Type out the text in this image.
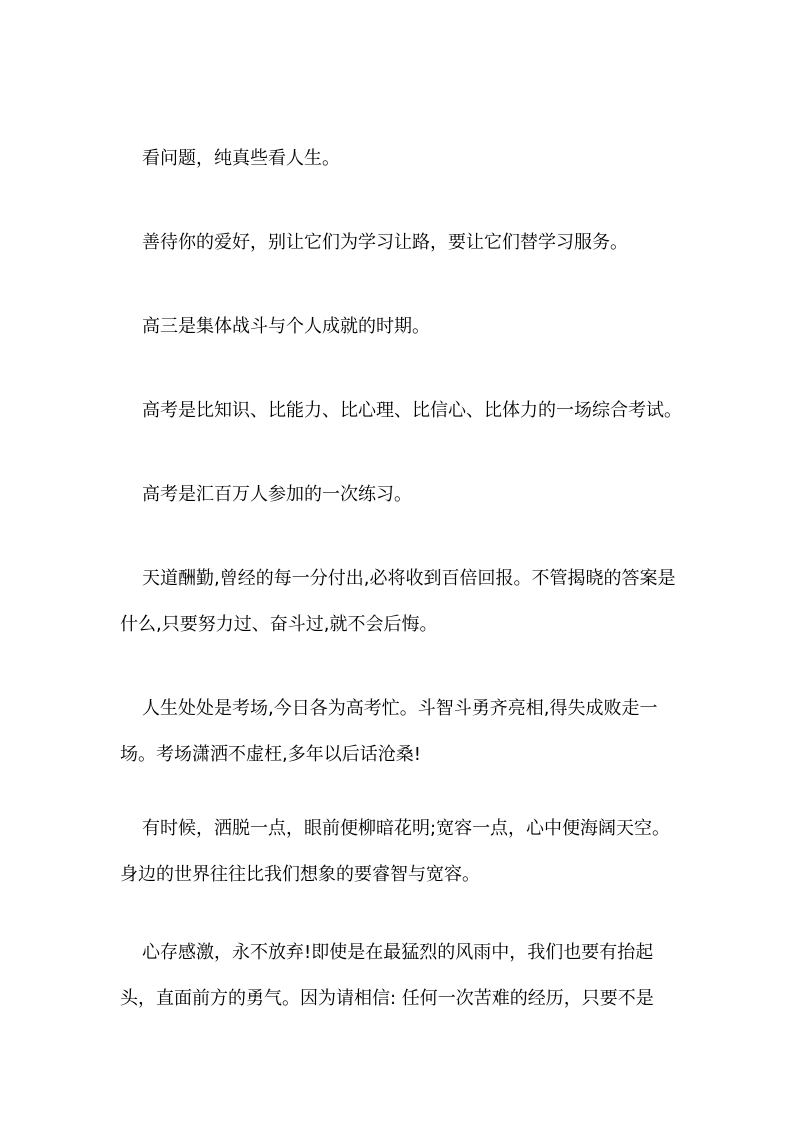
看问题，纯真些看人生。

善待你的爱好，别让它们为学习让路，要让它们替学习服务。

高三是集体战斗与个人成就的时期。

高考是比知识、比能力、比心理、比信心、比体力的一场综合考试。

高考是汇百万人参加的一次练习。

天道酬勤,曾经的每一分付出,必将收到百倍回报。不管揭晓的答案是什么,只要努力过、奋斗过,就不会后悔。

人生处处是考场,今日各为高考忙。斗智斗勇齐亮相,得失成败走一场。考场潇洒不虚枉,多年以后话沧桑!

有时候，洒脱一点，眼前便柳暗花明;宽容一点，心中便海阔天空。身边的世界往往比我们想象的要睿智与宽容。

心存感激，永不放弃!即使是在最猛烈的风雨中，我们也要有抬起头，直面前方的勇气。因为请相信: 任何一次苦难的经历，只要不是
